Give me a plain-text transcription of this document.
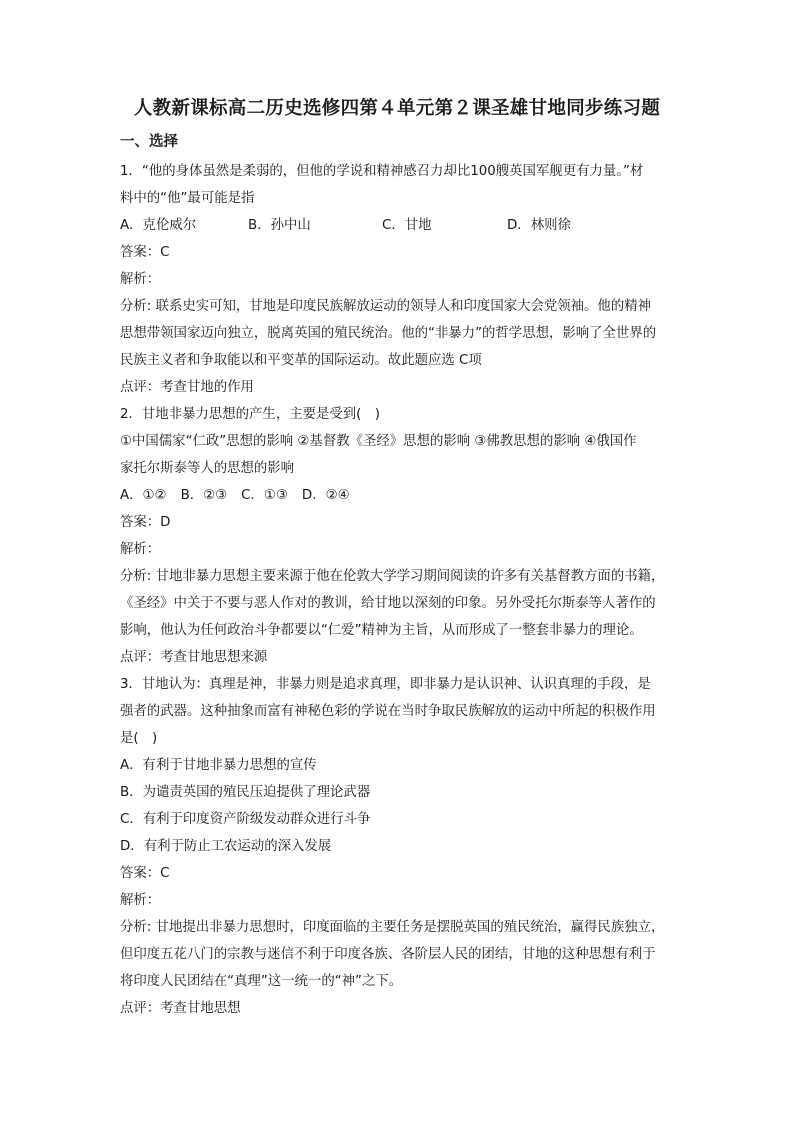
人教新课标高二历史选修四第４单元第２课圣雄甘地同步练习题
一、选择
1．“他的身体虽然是柔弱的，但他的学说和精神感召力却比100艘英国军舰更有力量。”材
料中的“他”最可能是指
A．克伦威尔	B．孙中山	C．甘地	D．林则徐
答案：C
解析：
分析: 联系史实可知，甘地是印度民族解放运动的领导人和印度国家大会党领袖。他的精神
思想带领国家迈向独立，脱离英国的殖民统治。他的“非暴力”的哲学思想，影响了全世界的
民族主义者和争取能以和平变革的国际运动。故此题应选 C项
点评：考查甘地的作用
2．甘地非暴力思想的产生，主要是受到(　)
①中国儒家“仁政”思想的影响 ②基督教《圣经》思想的影响 ③佛教思想的影响 ④俄国作
家托尔斯泰等人的思想的影响
A．①② B．②③ C．①③ D．②④
答案：D
解析：
分析: 甘地非暴力思想主要来源于他在伦敦大学学习期间阅读的许多有关基督教方面的书籍，
《圣经》中关于不要与恶人作对的教训，给甘地以深刻的印象。另外受托尔斯泰等人著作的
影响，他认为任何政治斗争都要以“仁爱”精神为主旨，从而形成了一整套非暴力的理论。
点评：考查甘地思想来源
3．甘地认为：真理是神，非暴力则是追求真理，即非暴力是认识神、认识真理的手段，是
强者的武器。这种抽象而富有神秘色彩的学说在当时争取民族解放的运动中所起的积极作用
是(　)
A．有利于甘地非暴力思想的宣传
B．为谴责英国的殖民压迫提供了理论武器
C．有利于印度资产阶级发动群众进行斗争
D．有利于防止工农运动的深入发展
答案：C
解析：
分析: 甘地提出非暴力思想时，印度面临的主要任务是摆脱英国的殖民统治，赢得民族独立，
但印度五花八门的宗教与迷信不利于印度各族、各阶层人民的团结，甘地的这种思想有利于
将印度人民团结在“真理”这一统一的“神”之下。
点评：考查甘地思想
